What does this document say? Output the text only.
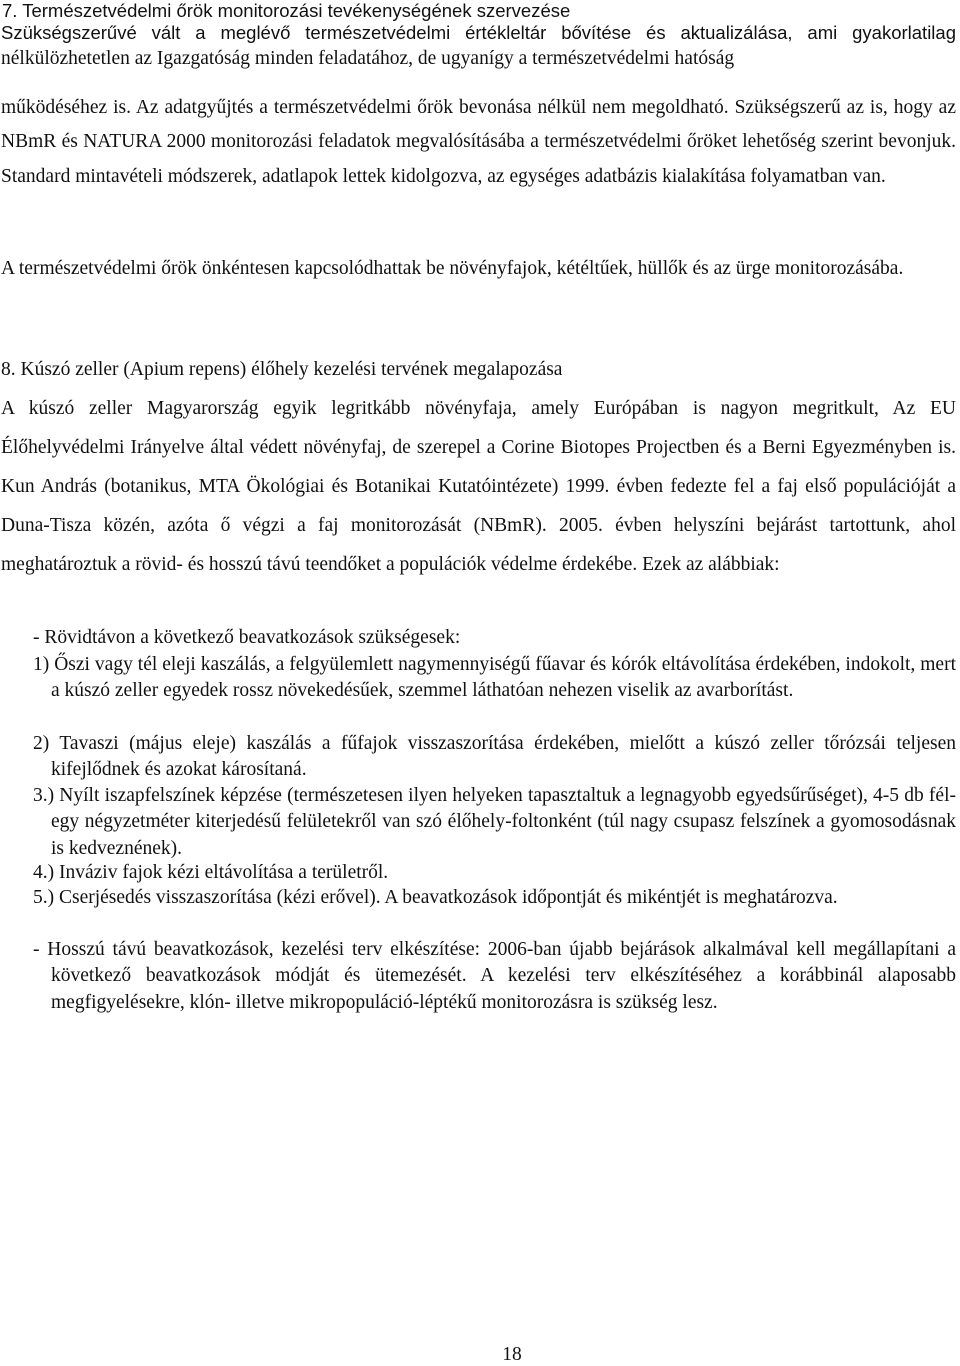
7. Természetvédelmi őrök monitorozási tevékenységének szervezése

Szükségszerűvé vált a meglévő természetvédelmi értékleltár bővítése és aktualizálása, ami gyakorlatilag nélkülözhetetlen az Igazgatóság minden feladatához, de ugyanígy a természetvédelmi hatóság

működéséhez is. Az adatgyűjtés a természetvédelmi őrök bevonása nélkül nem megoldható. Szükségszerű az is, hogy az NBmR és NATURA 2000 monitorozási feladatok megvalósításába a természetvédelmi őröket lehetőség szerint bevonjuk. Standard mintavételi módszerek, adatlapok lettek kidolgozva, az egységes adatbázis kialakítása folyamatban van.

A természetvédelmi őrök önkéntesen kapcsolódhattak be növényfajok, kétéltűek, hüllők és az ürge monitorozásába.

8. Kúszó zeller (Apium repens) élőhely kezelési tervének megalapozása

A kúszó zeller Magyarország egyik legritkább növényfaja, amely Európában is nagyon megritkult, Az EU Élőhelyvédelmi Irányelve által védett növényfaj, de szerepel a Corine Biotopes Projectben és a Berni Egyezményben is. Kun András (botanikus, MTA Ökológiai és Botanikai Kutatóintézete) 1999. évben fedezte fel a faj első populációját a Duna-Tisza közén, azóta ő végzi a faj monitorozását (NBmR). 2005. évben helyszíni bejárást tartottunk, ahol meghatároztuk a rövid- és hosszú távú teendőket a populációk védelme érdekébe. Ezek az alábbiak:

- Rövidtávon a következő beavatkozások szükségesek:

1) Őszi vagy tél eleji kaszálás, a felgyülemlett nagymennyiségű fűavar és kórók eltávolítása érdekében, indokolt, mert a kúszó zeller egyedek rossz növekedésűek, szemmel láthatóan nehezen viselik az avarborítást.

2) Tavaszi (május eleje) kaszálás a fűfajok visszaszorítása érdekében, mielőtt a kúszó zeller tőrózsái teljesen kifejlődnek és azokat károsítaná.

3.) Nyílt iszapfelszínek képzése (természetesen ilyen helyeken tapasztaltuk a legnagyobb egyedsűrűséget), 4-5 db fél-egy négyzetméter kiterjedésű felületekről van szó élőhely-foltonként (túl nagy csupasz felszínek a gyomosodásnak is kedveznének).

4.) Inváziv fajok kézi eltávolítása a területről.

5.) Cserjésedés visszaszorítása (kézi erővel). A beavatkozások időpontját és mikéntjét is meghatározva.

- Hosszú távú beavatkozások, kezelési terv elkészítése: 2006-ban újabb bejárások alkalmával kell megállapítani a következő beavatkozások módját és ütemezését. A kezelési terv elkészítéséhez a korábbinál alaposabb megfigyelésekre, klón- illetve mikropopuláció-léptékű monitorozásra is szükség lesz.

18
